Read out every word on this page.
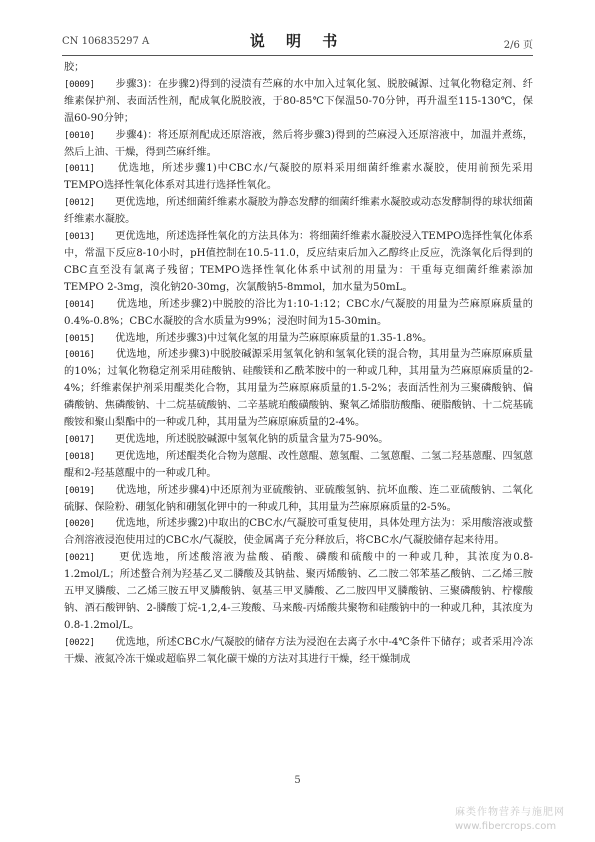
CN 106835297 A	说 明 书	2/6 页

胶；

[0009]　　步骤3)：在步骤2)得到的浸渍有苎麻的水中加入过氧化氢、脱胶碱源、过氧化物稳定剂、纤维素保护剂、表面活性剂，配成氧化脱胶液，于80-85℃下保温50-70分钟，再升温至115-130℃，保温60-90分钟；

[0010]　　步骤4)：将还原剂配成还原溶液，然后将步骤3)得到的苎麻浸入还原溶液中，加温并煮练，然后上油、干燥，得到苎麻纤维。

[0011]　　优选地，所述步骤1)中CBC水/气凝胶的原料采用细菌纤维素水凝胶，使用前预先采用TEMPO选择性氧化体系对其进行选择性氧化。

[0012]　　更优选地，所述细菌纤维素水凝胶为静态发酵的细菌纤维素水凝胶或动态发酵制得的球状细菌纤维素水凝胶。

[0013]　　更优选地，所述选择性氧化的方法具体为：将细菌纤维素水凝胶浸入TEMPO选择性氧化体系中，常温下反应8-10小时，pH值控制在10.5-11.0，反应结束后加入乙醇终止反应，洗涤氧化后得到的CBC直至没有氯离子残留；TEMPO选择性氧化体系中试剂的用量为：干重每克细菌纤维素添加TEMPO 2-3mg，溴化钠20-30mg，次氯酸钠5-8mmol，加水量为50mL。

[0014]　　优选地，所述步骤2)中脱胶的浴比为1:10-1:12；CBC水/气凝胶的用量为苎麻原麻质量的0.4%-0.8%；CBC水凝胶的含水质量为99%；浸泡时间为15-30min。

[0015]　　优选地，所述步骤3)中过氧化氢的用量为苎麻原麻质量的1.35-1.8%。

[0016]　　优选地，所述步骤3)中脱胶碱源采用氢氧化钠和氢氧化镁的混合物，其用量为苎麻原麻质量的10%；过氧化物稳定剂采用硅酸钠、硅酸镁和乙酰苯胺中的一种或几种，其用量为苎麻原麻质量的2-4%；纤维素保护剂采用醌类化合物，其用量为苎麻原麻质量的1.5-2%；表面活性剂为三聚磷酸钠、偏磷酸钠、焦磷酸钠、十二烷基硫酸钠、二辛基琥珀酸磺酸钠、聚氧乙烯脂肪酸酯、硬脂酸钠、十二烷基硫酸铵和聚山梨酯中的一种或几种，其用量为苎麻原麻质量的2-4%。

[0017]　　更优选地，所述脱胶碱源中氢氧化钠的质量含量为75-90%。

[0018]　　更优选地，所述醌类化合物为蒽醌、改性蒽醌、蒽氢醌、二氢蒽醌、二氢二羟基蒽醌、四氢蒽醌和2-羟基蒽醌中的一种或几种。

[0019]　　优选地，所述步骤4)中还原剂为亚硫酸钠、亚硫酸氢钠、抗坏血酸、连二亚硫酸钠、二氧化硫脲、保险粉、硼氢化钠和硼氢化钾中的一种或几种，其用量为苎麻原麻质量的2-5%。

[0020]　　优选地，所述步骤2)中取出的CBC水/气凝胶可重复使用，具体处理方法为：采用酸溶液或螯合剂溶液浸泡使用过的CBC水/气凝胶，使金属离子充分释放后，将CBC水/气凝胶储存起来待用。

[0021]　　更优选地，所述酸溶液为盐酸、硝酸、磷酸和硫酸中的一种或几种，其浓度为0.8-1.2mol/L；所述螯合剂为羟基乙叉二膦酸及其钠盐、聚丙烯酸钠、乙二胺二邻苯基乙酸钠、二乙烯三胺五甲叉膦酸、二乙烯三胺五甲叉膦酸钠、氨基三甲叉膦酸、乙二胺四甲叉膦酸钠、三聚磷酸钠、柠檬酸钠、酒石酸钾钠、2-膦酸丁烷-1,2,4-三羧酸、马来酸-丙烯酸共聚物和硅酸钠中的一种或几种，其浓度为0.8-1.2mol/L。

[0022]　　优选地，所述CBC水/气凝胶的储存方法为浸泡在去离子水中-4℃条件下储存；或者采用冷冻干燥、液氮冷冻干燥或超临界二氧化碳干燥的方法对其进行干燥，经干燥制成

5
麻类作物营养与施肥网
www.fibercrops.com
